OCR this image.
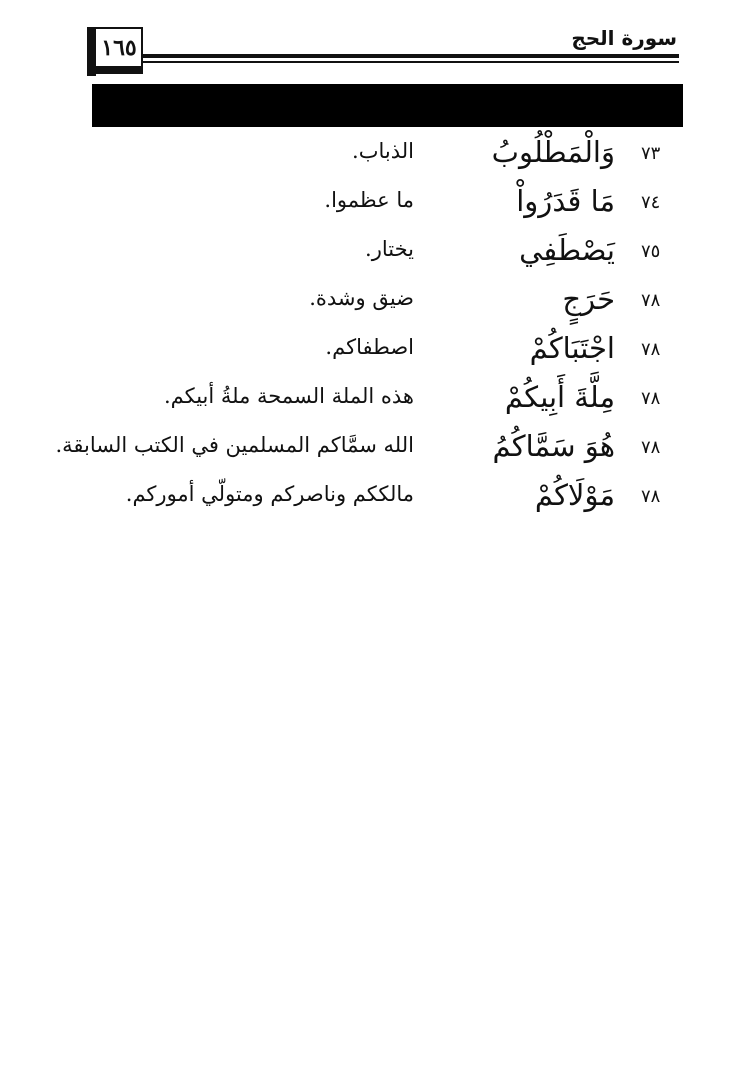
١٦٥	سورة الحج
٧٣
وَالْمَطْلُوبُ
الذباب.
٧٤
مَا قَدَرُواْ
ما عظموا.
٧٥
يَصْطَفِي
يختار.
٧٨
حَرَجٍ
ضيق وشدة.
٧٨
اجْتَبَاكُمْ
اصطفاكم.
٧٨
مِلَّةَ أَبِيكُمْ
هذه الملة السمحة ملةُ أبيكم.
٧٨
هُوَ سَمَّاكُمُ
الله سمَّاكم المسلمين في الكتب السابقة.
٧٨
مَوْلَاكُمْ
مالككم وناصركم ومتولّي أموركم.
